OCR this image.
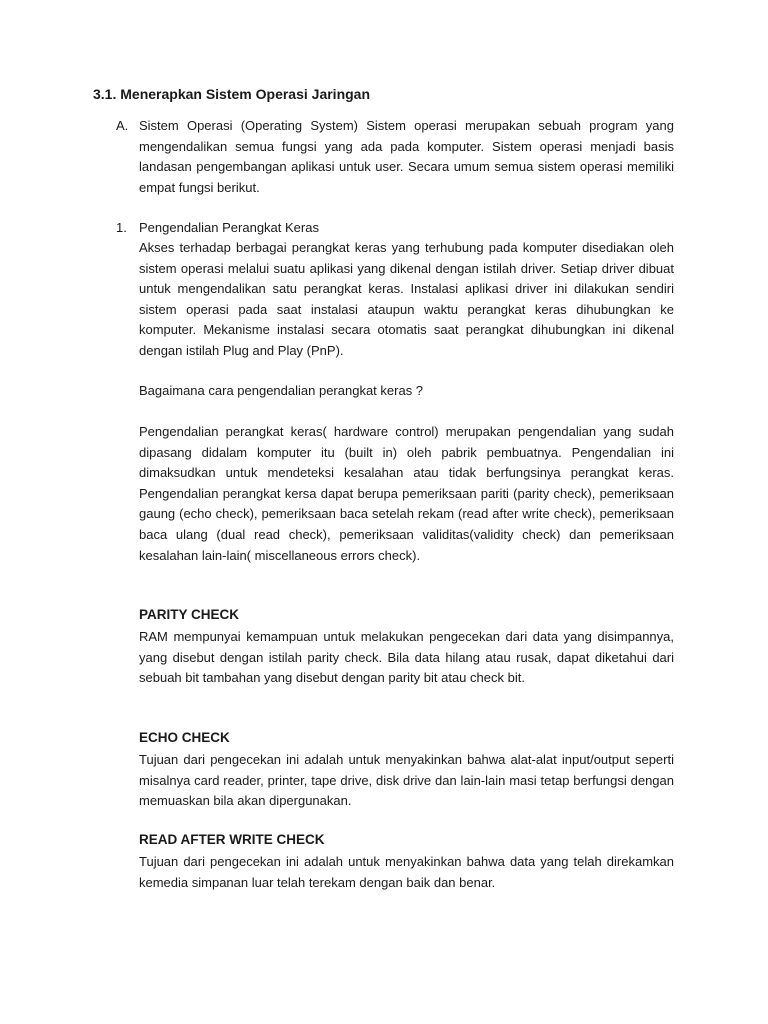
3.1. Menerapkan Sistem Operasi Jaringan
A. Sistem Operasi (Operating System) Sistem operasi merupakan sebuah program yang mengendalikan semua fungsi yang ada pada komputer. Sistem operasi menjadi basis landasan pengembangan aplikasi untuk user. Secara umum semua sistem operasi memiliki empat fungsi berikut.
1. Pengendalian Perangkat Keras
Akses terhadap berbagai perangkat keras yang terhubung pada komputer disediakan oleh sistem operasi melalui suatu aplikasi yang dikenal dengan istilah driver. Setiap driver dibuat untuk mengendalikan satu perangkat keras. Instalasi aplikasi driver ini dilakukan sendiri sistem operasi pada saat instalasi ataupun waktu perangkat keras dihubungkan ke komputer. Mekanisme instalasi secara otomatis saat perangkat dihubungkan ini dikenal dengan istilah Plug and Play (PnP).
Bagaimana cara pengendalian perangkat keras ?
Pengendalian perangkat keras( hardware control) merupakan pengendalian yang sudah dipasang didalam komputer itu (built in) oleh pabrik pembuatnya. Pengendalian ini dimaksudkan untuk mendeteksi kesalahan atau tidak berfungsinya perangkat keras. Pengendalian perangkat kersa dapat berupa pemeriksaan pariti (parity check), pemeriksaan gaung (echo check), pemeriksaan baca setelah rekam (read after write check), pemeriksaan baca ulang (dual read check), pemeriksaan validitas(validity check) dan pemeriksaan kesalahan lain-lain( miscellaneous errors check).
PARITY CHECK
RAM mempunyai kemampuan untuk melakukan pengecekan dari data yang disimpannya, yang disebut dengan istilah parity check. Bila data hilang atau rusak, dapat diketahui dari sebuah bit tambahan yang disebut dengan parity bit atau check bit.
ECHO CHECK
Tujuan dari pengecekan ini adalah untuk menyakinkan bahwa alat-alat input/output seperti misalnya card reader, printer, tape drive, disk drive dan lain-lain masi tetap berfungsi dengan memuaskan bila akan dipergunakan.
READ AFTER WRITE CHECK
Tujuan dari pengecekan ini adalah untuk menyakinkan bahwa data yang telah direkamkan kemedia simpanan luar telah terekam dengan baik dan benar.
